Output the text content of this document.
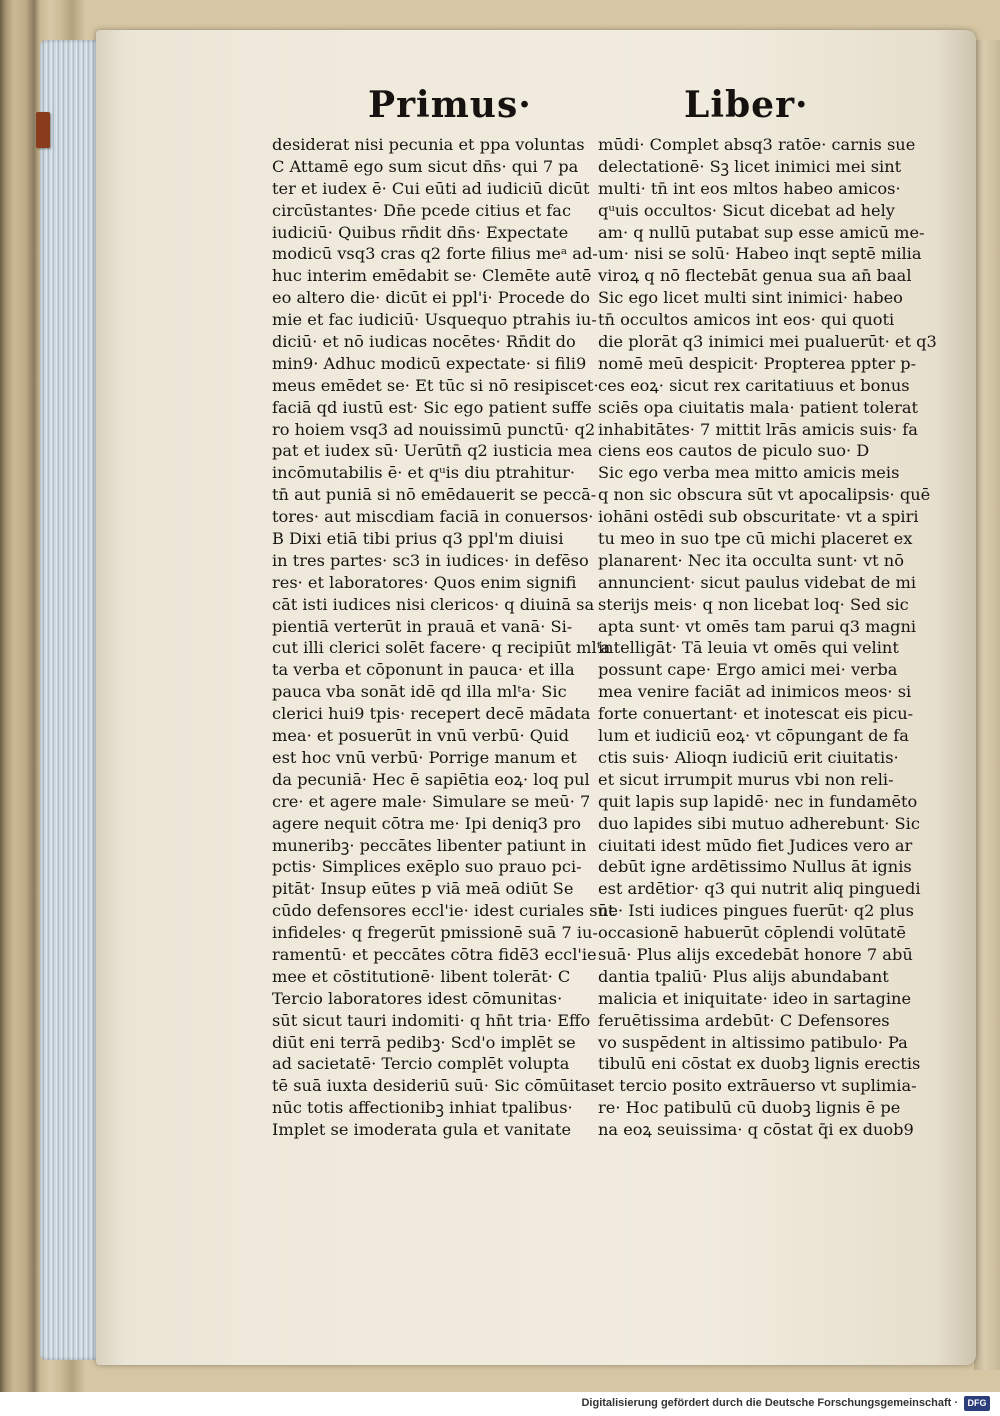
Primus·	Liber·
desiderat nisi pecunia et ppa voluntas
C Attamē ego sum sicut dn̄s· qui 7 pa
ter et iudex ē· Cui eūti ad iudiciū dicūt
circūstantes· Dn̄e pcede citius et fac
iudiciū· Quibus rn̄dit dn̄s· Expectate
modicū vsq3 cras q2 forte filius meᵃ ad-
huc interim emēdabit se· Clemēte autē
eo altero die· dicūt ei ppl'i· Procede do
mie et fac iudiciū· Usquequo ptrahis iu-
diciū· et nō iudicas nocētes· Rn̄dit do
min9· Adhuc modicū expectate· si fili9
meus emēdet se· Et tūc si nō resipiscet·
faciā qd iustū est· Sic ego patient suffe
ro hoiem vsq3 ad nouissimū punctū· q2
pat et iudex sū· Uerūtn̄ q2 iusticia mea
incōmutabilis ē· et qᵘis diu ptrahitur·
tn̄ aut puniā si nō emēdauerit se peccā-
tores· aut miscdiam faciā in conuersos·
B Dixi etiā tibi prius q3 ppl'm diuisi
in tres partes· sc3 in iudices· in defēso
res· et laboratores· Quos enim signifi
cāt isti iudices nisi clericos· q diuinā sa
pientiā verterūt in prauā et vanā· Si-
cut illi clerici solēt facere· q recipiūt mlᵗa
ta verba et cōponunt in pauca· et illa
pauca vba sonāt idē qd illa mlᵗa· Sic
clerici hui9 tpis· recepert decē mādata
mea· et posuerūt in vnū verbū· Quid
est hoc vnū verbū· Porrige manum et
da pecuniā· Hec ē sapiētia eoꝝ· loq pul
cre· et agere male· Simulare se meū· 7
agere nequit cōtra me· Ipi deniq3 pro
muneribꝫ· peccātes libenter patiunt in
pctis· Simplices exēplo suo prauo pci-
pitāt· Insup eūtes p viā meā odiūt Se
cūdo defensores eccl'ie· idest curiales sūt
infideles· q fregerūt pmissionē suā 7 iu-
ramentū· et peccātes cōtra fidē3 eccl'ie
mee et cōstitutionē· libent tolerāt· C
Tercio laboratores idest cōmunitas·
sūt sicut tauri indomiti· q hn̄t tria· Effo
diūt eni terrā pedibꝫ· Scd'o implēt se
ad sacietatē· Tercio complēt volupta
tē suā iuxta desideriū suū· Sic cōmūitas
nūc totis affectionibꝫ inhiat tpalibus·
Implet se imoderata gula et vanitate
mūdi· Complet absq3 ratōe· carnis sue
delectationē· Sꝫ licet inimici mei sint
multi· tn̄ int eos mltos habeo amicos·
qᵘuis occultos· Sicut dicebat ad hely
am· q nullū putabat sup esse amicū me-
um· nisi se solū· Habeo inqt septē milia
viroꝝ q nō flectebāt genua sua an̄ baal
Sic ego licet multi sint inimici· habeo
tn̄ occultos amicos int eos· qui quoti
die plorāt q3 inimici mei pualuerūt· et q3
nomē meū despicit· Propterea ppter p-
ces eoꝝ· sicut rex caritatiuus et bonus
sciēs opa ciuitatis mala· patient tolerat
inhabitātes· 7 mittit lrās amicis suis· fa
ciens eos cautos de piculo suo· D
Sic ego verba mea mitto amicis meis
q non sic obscura sūt vt apocalipsis· quē
iohāni ostēdi sub obscuritate· vt a spiri
tu meo in suo tpe cū michi placeret ex
planarent· Nec ita occulta sunt· vt nō
annuncient· sicut paulus videbat de mi
sterijs meis· q non licebat loq· Sed sic
apta sunt· vt omēs tam parui q3 magni
intelligāt· Tā leuia vt omēs qui velint
possunt cape· Ergo amici mei· verba
mea venire faciāt ad inimicos meos· si
forte conuertant· et inotescat eis picu-
lum et iudiciū eoꝝ· vt cōpungant de fa
ctis suis· Alioqn iudiciū erit ciuitatis·
et sicut irrumpit murus vbi non reli-
quit lapis sup lapidē· nec in fundamēto
duo lapides sibi mutuo adherebunt· Sic
ciuitati idest mūdo fiet Judices vero ar
debūt igne ardētissimo Nullus āt ignis
est ardētior· q3 qui nutrit aliq pinguedi
ne· Isti iudices pingues fuerūt· q2 plus
occasionē habuerūt cōplendi volūtatē
suā· Plus alijs excedebāt honore 7 abū
dantia tpaliū· Plus alijs abundabant
malicia et iniquitate· ideo in sartagine
feruētissima ardebūt· C Defensores
vo suspēdent in altissimo patibulo· Pa
tibulū eni cōstat ex duobꝫ lignis erectis
et tercio posito extrāuerso vt suplimia-
re· Hoc patibulū cū duobꝫ lignis ē pe
na eoꝝ seuissima· q cōstat q̄i ex duob9
Digitalisierung gefördert durch die Deutsche Forschungsgemeinschaft ·	DFG
